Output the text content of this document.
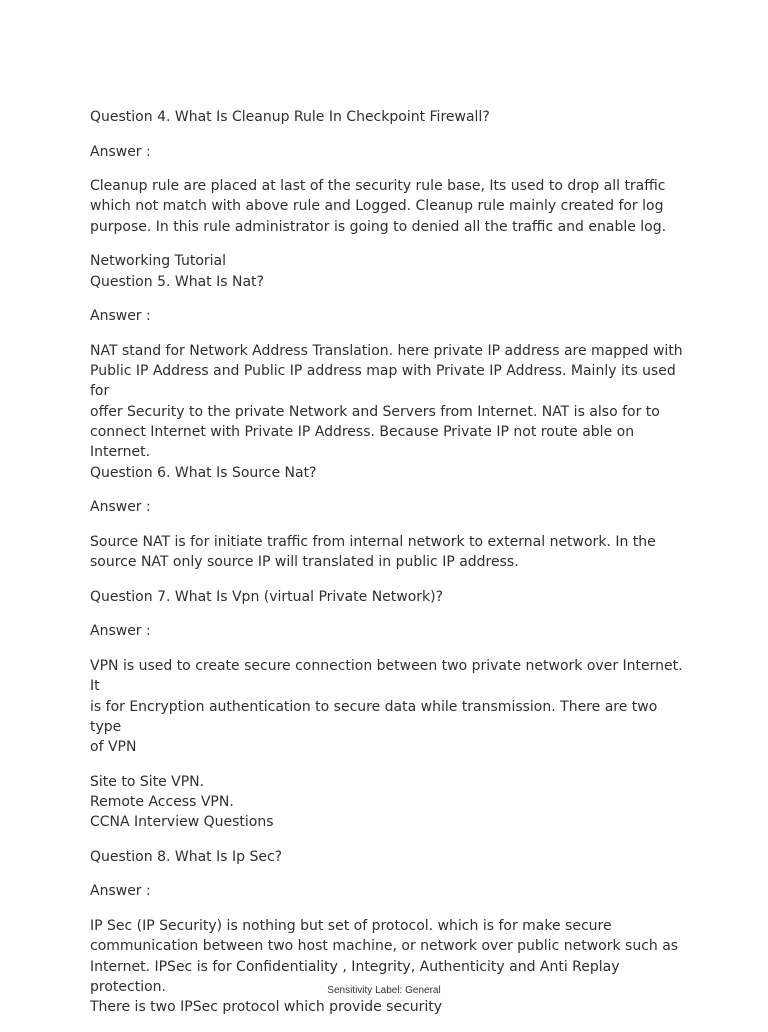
Question 4. What Is Cleanup Rule In Checkpoint Firewall?

Answer :

Cleanup rule are placed at last of the security rule base, Its used to drop all traffic
which not match with above rule and Logged. Cleanup rule mainly created for log
purpose. In this rule administrator is going to denied all the traffic and enable log.

Networking Tutorial
Question 5. What Is Nat?

Answer :

NAT stand for Network Address Translation. here private IP address are mapped with
Public IP Address and Public IP address map with Private IP Address. Mainly its used for
offer Security to the private Network and Servers from Internet. NAT is also for to
connect Internet with Private IP Address. Because Private IP not route able on Internet.
Question 6. What Is Source Nat?

Answer :

Source NAT is for initiate traffic from internal network to external network. In the
source NAT only source IP will translated in public IP address.

Question 7. What Is Vpn (virtual Private Network)?

Answer :

VPN is used to create secure connection between two private network over Internet. It
is for Encryption authentication to secure data while transmission. There are two type
of VPN

Site to Site VPN.
Remote Access VPN.
CCNA Interview Questions

Question 8. What Is Ip Sec?

Answer :

IP Sec (IP Security) is nothing but set of protocol. which is for make secure
communication between two host machine, or network over public network such as
Internet. IPSec is for Confidentiality , Integrity, Authenticity and Anti Replay protection.
There is two IPSec protocol which provide security

Sensitivity Label: General
